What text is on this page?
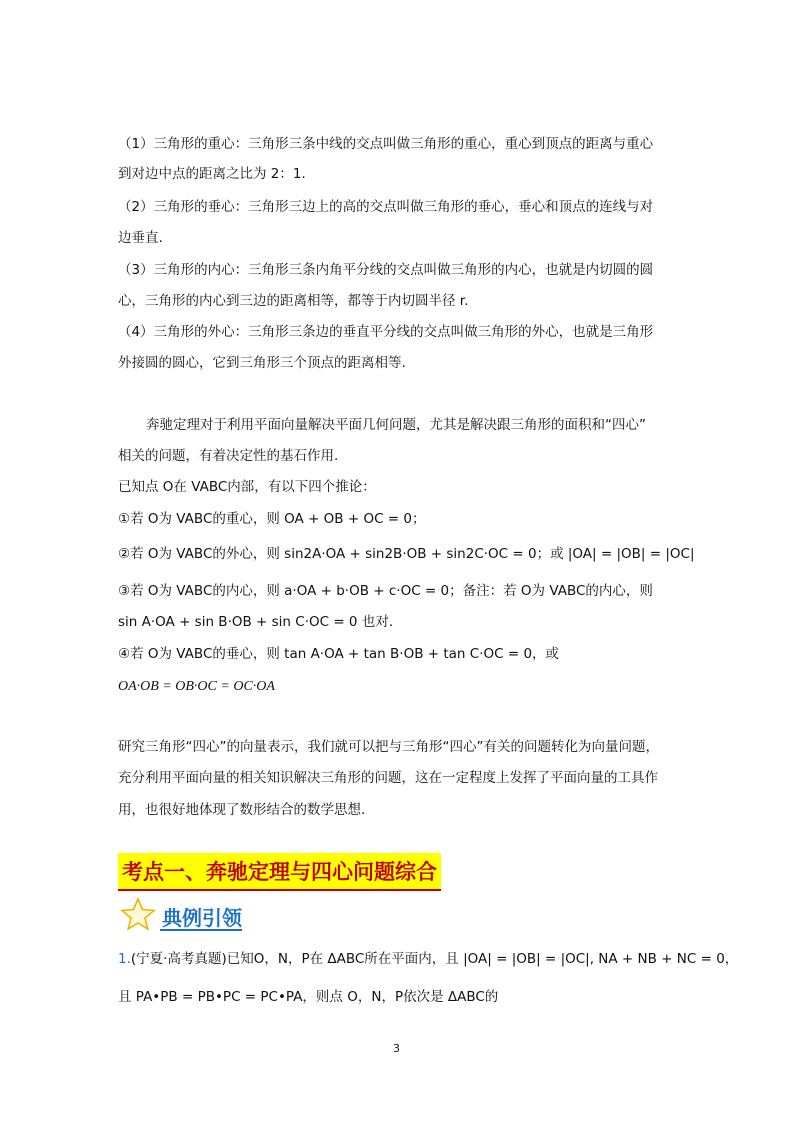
（1）三角形的重心：三角形三条中线的交点叫做三角形的重心，重心到顶点的距离与重心
到对边中点的距离之比为 2：1.
（2）三角形的垂心：三角形三边上的高的交点叫做三角形的垂心，垂心和顶点的连线与对
边垂直.
（3）三角形的内心：三角形三条内角平分线的交点叫做三角形的内心，也就是内切圆的圆
心，三角形的内心到三边的距离相等，都等于内切圆半径 r.
（4）三角形的外心：三角形三条边的垂直平分线的交点叫做三角形的外心，也就是三角形
外接圆的圆心，它到三角形三个顶点的距离相等.
奔驰定理对于利用平面向量解决平面几何问题，尤其是解决跟三角形的面积和“四心”
相关的问题，有着决定性的基石作用.
已知点 O在 VABC内部，有以下四个推论：
①若 O为 VABC的重心，则 OA + OB + OC = 0；
②若 O为 VABC的外心，则 sin2A·OA + sin2B·OB + sin2C·OC = 0；或 |OA| = |OB| = |OC|
③若 O为 VABC的内心，则 a·OA + b·OB + c·OC = 0；备注：若 O为 VABC的内心，则
sin A·OA + sin B·OB + sin C·OC = 0 也对.
④若 O为 VABC的垂心，则 tan A·OA + tan B·OB + tan C·OC = 0，或
OA·OB = OB·OC = OC·OA
研究三角形“四心”的向量表示，我们就可以把与三角形“四心”有关的问题转化为向量问题，
充分利用平面向量的相关知识解决三角形的问题，这在一定程度上发挥了平面向量的工具作
用，也很好地体现了数形结合的数学思想.
考点一、奔驰定理与四心问题综合
典例引领
1.(宁夏·高考真题)已知O，N，P在 ΔABC所在平面内，且 |OA| = |OB| = |OC|, NA + NB + NC = 0，
且 PA•PB = PB•PC = PC•PA，则点 O，N，P依次是 ΔABC的
3
